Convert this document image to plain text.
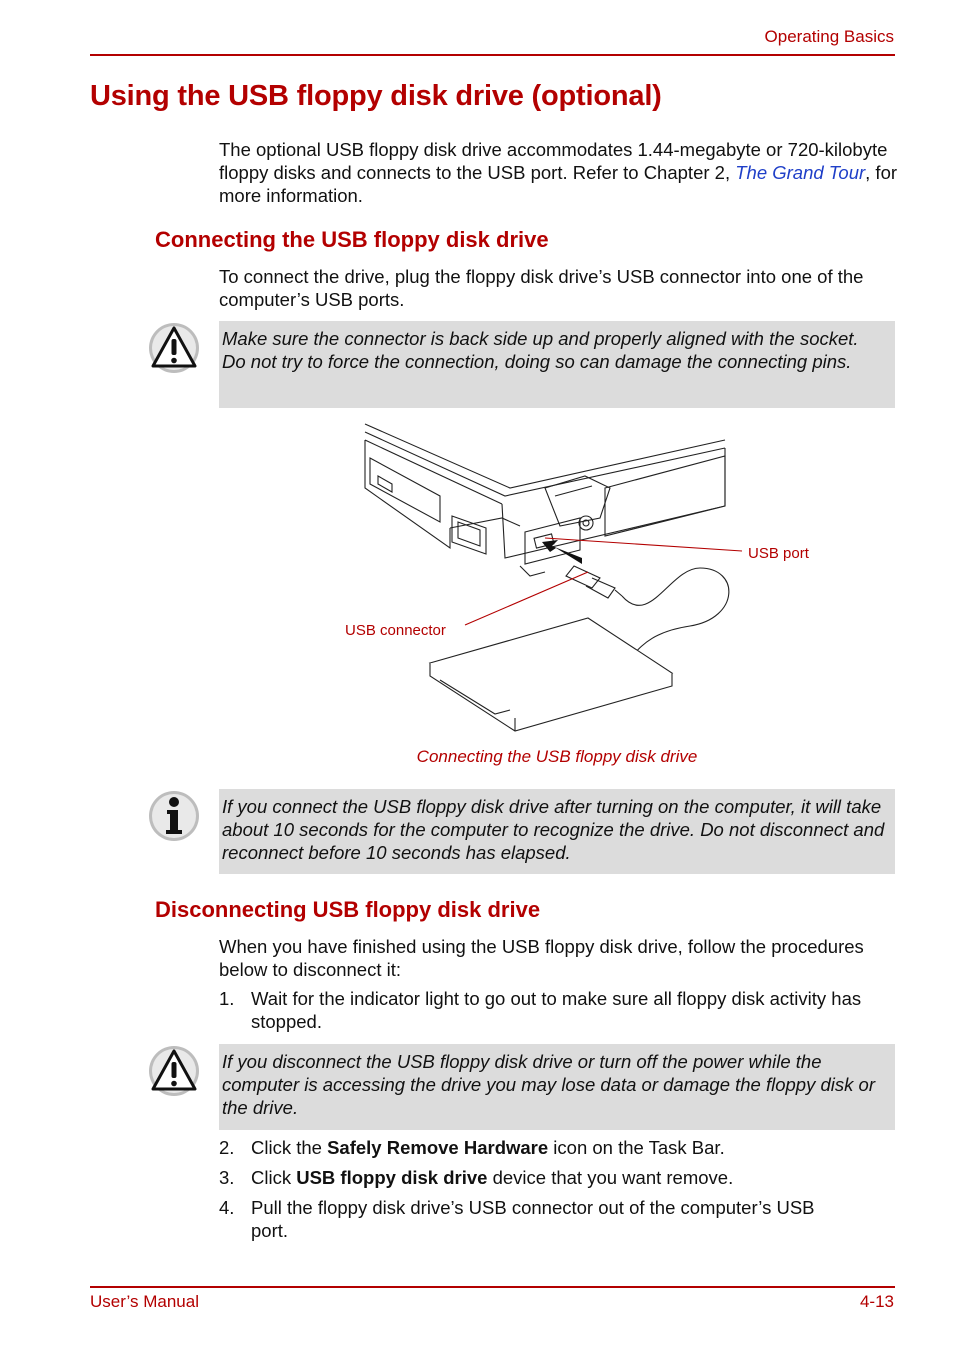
Operating Basics
Using the USB floppy disk drive (optional)

The optional USB floppy disk drive accommodates 1.44-megabyte or 720-kilobyte floppy disks and connects to the USB port. Refer to Chapter 2, The Grand Tour, for more information.

Connecting the USB floppy disk drive

To connect the drive, plug the floppy disk drive’s USB connector into one of the computer’s USB ports.

Make sure the connector is back side up and properly aligned with the socket. Do not try to force the connection, doing so can damage the connecting pins.

USB port
USB connector
Connecting the USB floppy disk drive

If you connect the USB floppy disk drive after turning on the computer, it will take about 10 seconds for the computer to recognize the drive. Do not disconnect and reconnect before 10 seconds has elapsed.

Disconnecting USB floppy disk drive

When you have finished using the USB floppy disk drive, follow the procedures below to disconnect it:

1. Wait for the indicator light to go out to make sure all floppy disk activity has stopped.

If you disconnect the USB floppy disk drive or turn off the power while the computer is accessing the drive you may lose data or damage the floppy disk or the drive.

2. Click the Safely Remove Hardware icon on the Task Bar.
3. Click USB floppy disk drive device that you want remove.
4. Pull the floppy disk drive’s USB connector out of the computer’s USB port.
User’s Manual	4-13
